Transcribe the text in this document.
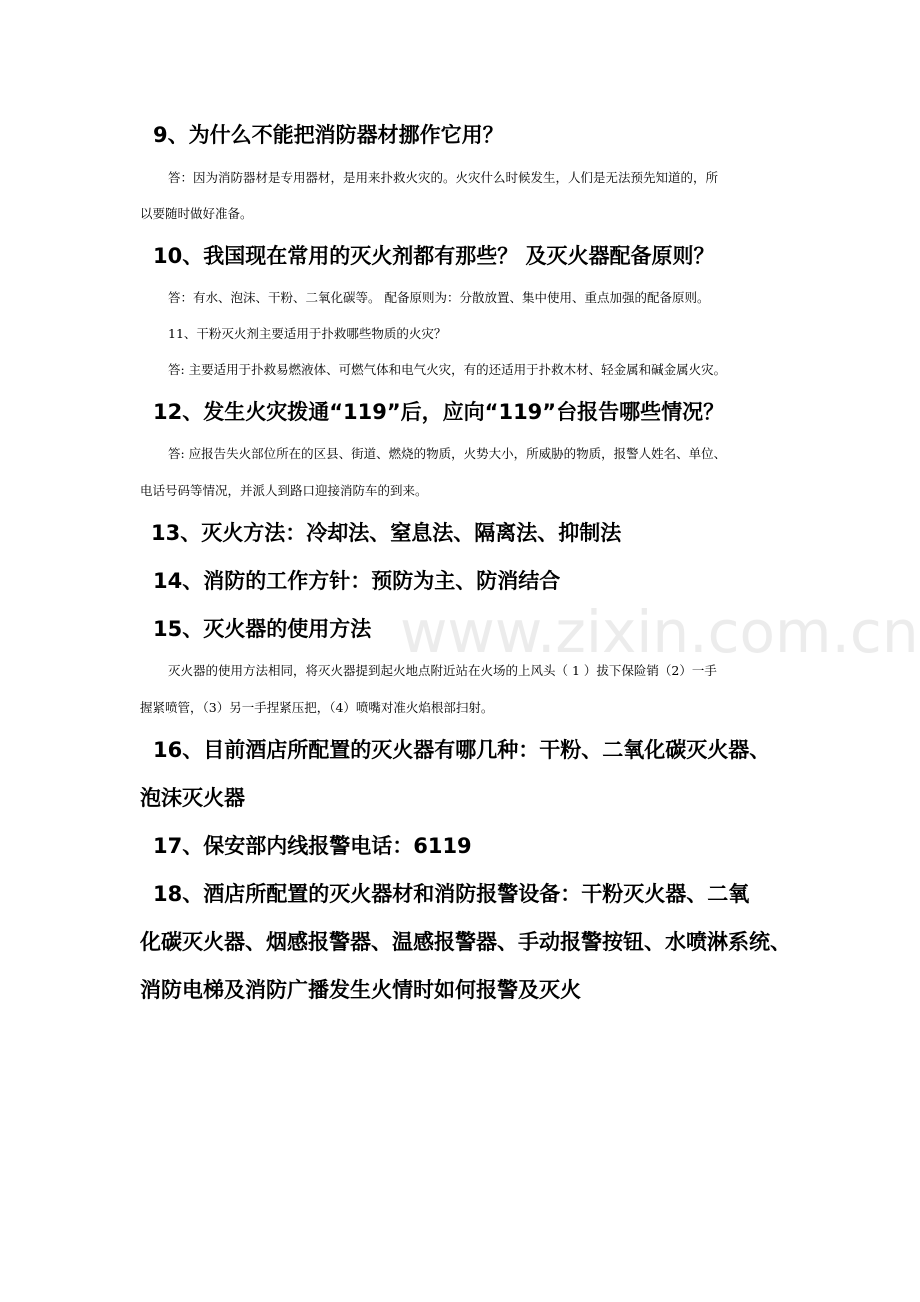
www.zixin.com.cn
9、为什么不能把消防器材挪作它用？
答：因为消防器材是专用器材，是用来扑救火灾的。火灾什么时候发生，人们是无法预先知道的，所
以要随时做好准备。
10、我国现在常用的灭火剂都有那些？ 及灭火器配备原则？
答：有水、泡沫、干粉、二氧化碳等。 配备原则为：分散放置、集中使用、重点加强的配备原则。
11、干粉灭火剂主要适用于扑救哪些物质的火灾？
答: 主要适用于扑救易燃液体、可燃气体和电气火灾，有的还适用于扑救木材、轻金属和碱金属火灾。
12、发生火灾拨通“119”后，应向“119”台报告哪些情况？
答: 应报告失火部位所在的区县、街道、燃烧的物质，火势大小，所威胁的物质，报警人姓名、单位、
电话号码等情况，并派人到路口迎接消防车的到来。
13、灭火方法：冷却法、窒息法、隔离法、抑制法
14、消防的工作方针：预防为主、防消结合
15、灭火器的使用方法
灭火器的使用方法相同，将灭火器提到起火地点附近站在火场的上风头（ 1 ）拔下保险销（2）一手
握紧喷管，（3）另一手捏紧压把，（4）喷嘴对准火焰根部扫射。
16、目前酒店所配置的灭火器有哪几种：干粉、二氧化碳灭火器、
泡沫灭火器
17、保安部内线报警电话：6119
18、酒店所配置的灭火器材和消防报警设备：干粉灭火器、二氧
化碳灭火器、烟感报警器、温感报警器、手动报警按钮、水喷淋系统、
消防电梯及消防广播发生火情时如何报警及灭火
